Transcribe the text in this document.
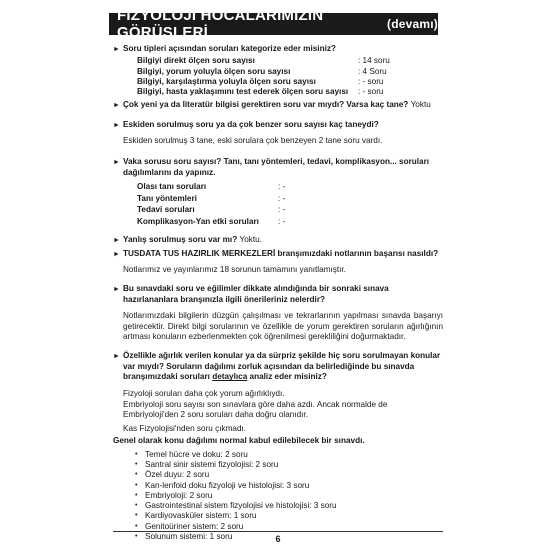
FİZYOLOJİ HOCALARIMIZIN GÖRÜŞLERİ	(devamı)
► Soru tipleri açısından soruları kategorize eder misiniz?
Bilgiyi direkt ölçen soru sayısı	: 14 soru
Bilgiyi, yorum yoluyla ölçen soru sayısı	: 4 Soru
Bilgiyi, karşılaştırma yoluyla ölçen soru sayısı	: - soru
Bilgiyi, hasta yaklaşımını test ederek ölçen soru sayısı	: - soru
► Çok yeni ya da literatür bilgisi gerektiren soru var mıydı? Varsa kaç tane? Yoktu
► Eskiden sorulmuş soru ya da çok benzer soru sayısı kaç taneydi?
Eskiden sorulmuş 3 tane, eski sorulara çok benzeyen 2 tane soru vardı.
► Vaka sorusu soru sayısı? Tanı, tanı yöntemleri, tedavi, komplikasyon... soruları dağılımlarını da yapınız.
Olası tanı soruları	: -
Tanı yöntemleri	: -
Tedavi soruları	: -
Komplikasyon-Yan etki soruları	: -
► Yanlış sorulmuş soru var mı? Yoktu.
► TUSDATA TUS HAZIRLIK MERKEZLERİ branşımızdaki notlarının başarısı nasıldı?
Notlarımız ve yayınlarımız 18 sorunun tamamını yanıtlamıştır.
► Bu sınavdaki soru ve eğilimler dikkate alındığında bir sonraki sınava hazırlananlara branşınızla ilgili önerileriniz nelerdir?
Notlarımızdaki bilgilerin düzgün çalışılması ve tekrarlarının yapılması sınavda başarıyı getirecektir. Direkt bilgi sorularının ve özellikle de yorum gerektiren soruların ağırlığının artması konuların ezberlenmekten çok öğrenilmesi gerekliliğini doğurmaktadır.
► Özellikle ağırlık verilen konular ya da sürpriz şekilde hiç soru sorulmayan konular var mıydı? Soruların dağılımı zorluk açısından da belirlediğinde bu sınavda branşımızdaki soruları detaylıca analiz eder misiniz?
Fizyoloji soruları daha çok yorum ağırlıklıydı.
Embriyoloji soru sayısı son sınavlara göre daha azdı. Ancak normalde de Embriyoloji'den 2 soru soruları daha doğru olanıdır.
Kas Fizyolojisi'nden soru çıkmadı.
Genel olarak konu dağılımı normal kabul edilebilecek bir sınavdı.
• Temel hücre ve doku: 2 soru
• Santral sinir sistemi fizyolojisi: 2 soru
• Özel duyu: 2 soru
• Kan-lenfoid doku fizyoloji ve histolojisi: 3 soru
• Embriyoloji: 2 soru
• Gastrointestinal sistem fizyolojisi ve histolojisi: 3 soru
• Kardiyovasküler sistem: 1 soru
• Genitoüriner sistem: 2 soru
• Solunum sistemi: 1 soru	6
